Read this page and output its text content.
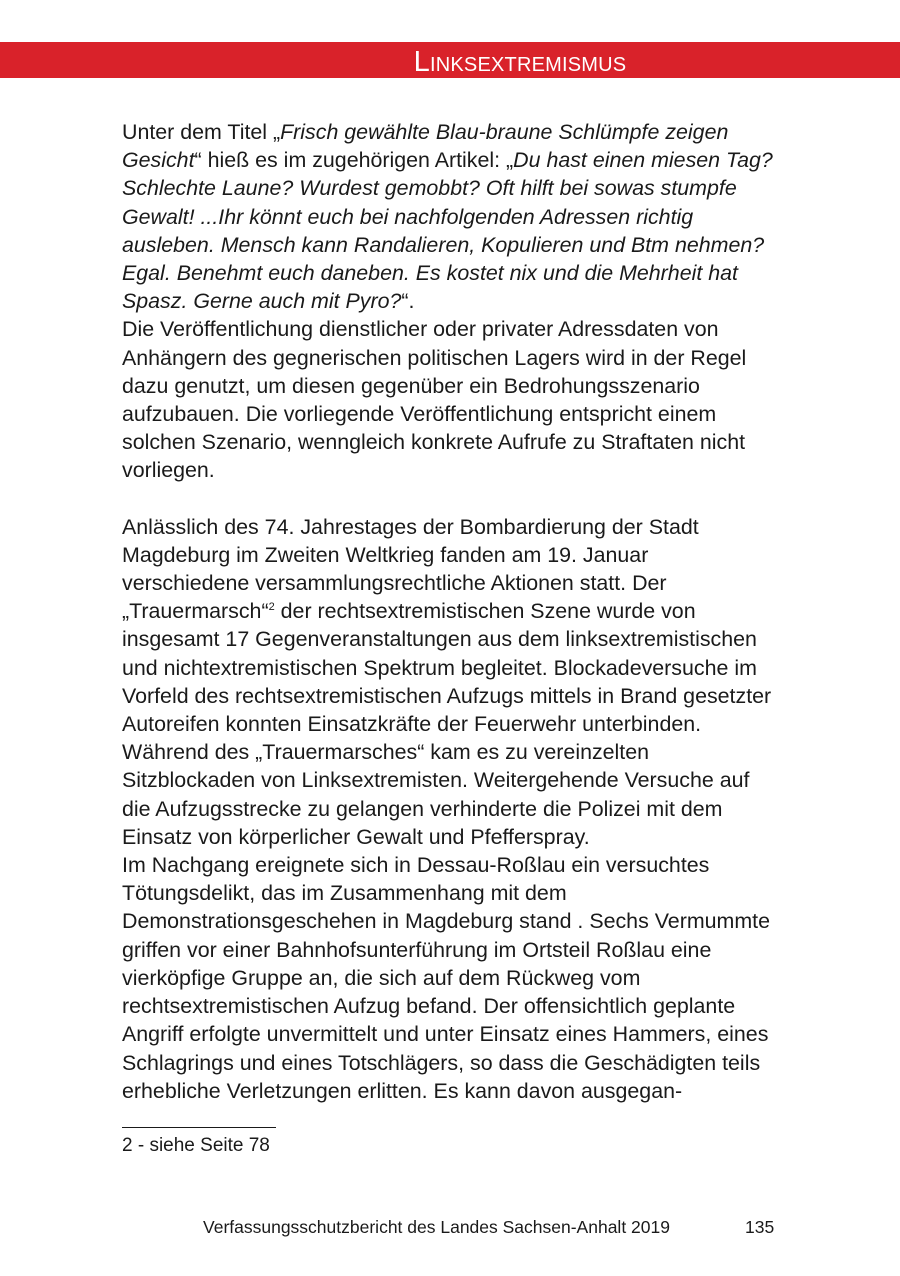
Linksextremismus

Unter dem Titel „Frisch gewählte Blau-braune Schlümpfe zeigen Gesicht“ hieß es im zugehörigen Artikel: „Du hast einen miesen Tag? Schlechte Laune? Wurdest gemobbt? Oft hilft bei sowas stumpfe Gewalt! ...Ihr könnt euch bei nachfolgenden Adressen richtig ausleben. Mensch kann Randalieren, Kopulieren und Btm nehmen? Egal. Benehmt euch daneben. Es kostet nix und die Mehrheit hat Spasz. Gerne auch mit Pyro?“.

Die Veröffentlichung dienstlicher oder privater Adressdaten von Anhängern des gegnerischen politischen Lagers wird in der Regel dazu genutzt, um diesen gegenüber ein Bedrohungsszenario aufzubauen. Die vorliegende Veröffentlichung entspricht einem solchen Szenario, wenngleich konkrete Aufrufe zu Straftaten nicht vorliegen.

Anlässlich des 74. Jahrestages der Bombardierung der Stadt Magdeburg im Zweiten Weltkrieg fanden am 19. Januar verschiedene versammlungsrechtliche Aktionen statt. Der „Trauermarsch“$^2$ der rechtsextremistischen Szene wurde von insgesamt 17 Gegenveranstaltungen aus dem linksextremistischen und nichtextremistischen Spektrum begleitet. Blockadeversuche im Vorfeld des rechtsextremistischen Aufzugs mittels in Brand gesetzter Autoreifen konnten Einsatzkräfte der Feuerwehr unterbinden. Während des „Trauermarsches“ kam es zu vereinzelten Sitzblockaden von Linksextremisten. Weitergehende Versuche auf die Aufzugsstrecke zu gelangen verhinderte die Polizei mit dem Einsatz von körperlicher Gewalt und Pfefferspray.

Im Nachgang ereignete sich in Dessau-Roßlau ein versuchtes Tötungsdelikt, das im Zusammenhang mit dem Demonstrationsgeschehen in Magdeburg stand . Sechs Vermummte griffen vor einer Bahnhofsunterführung im Ortsteil Roßlau eine vierköpfige Gruppe an, die sich auf dem Rückweg vom rechtsextremistischen Aufzug befand. Der offensichtlich geplante Angriff erfolgte unvermittelt und unter Einsatz eines Hammers, eines Schlagrings und eines Totschlägers, so dass die Geschädigten teils erhebliche Verletzungen erlitten. Es kann davon ausgegan-

2 - siehe Seite 78
Verfassungsschutzbericht des Landes Sachsen-Anhalt 2019	135
